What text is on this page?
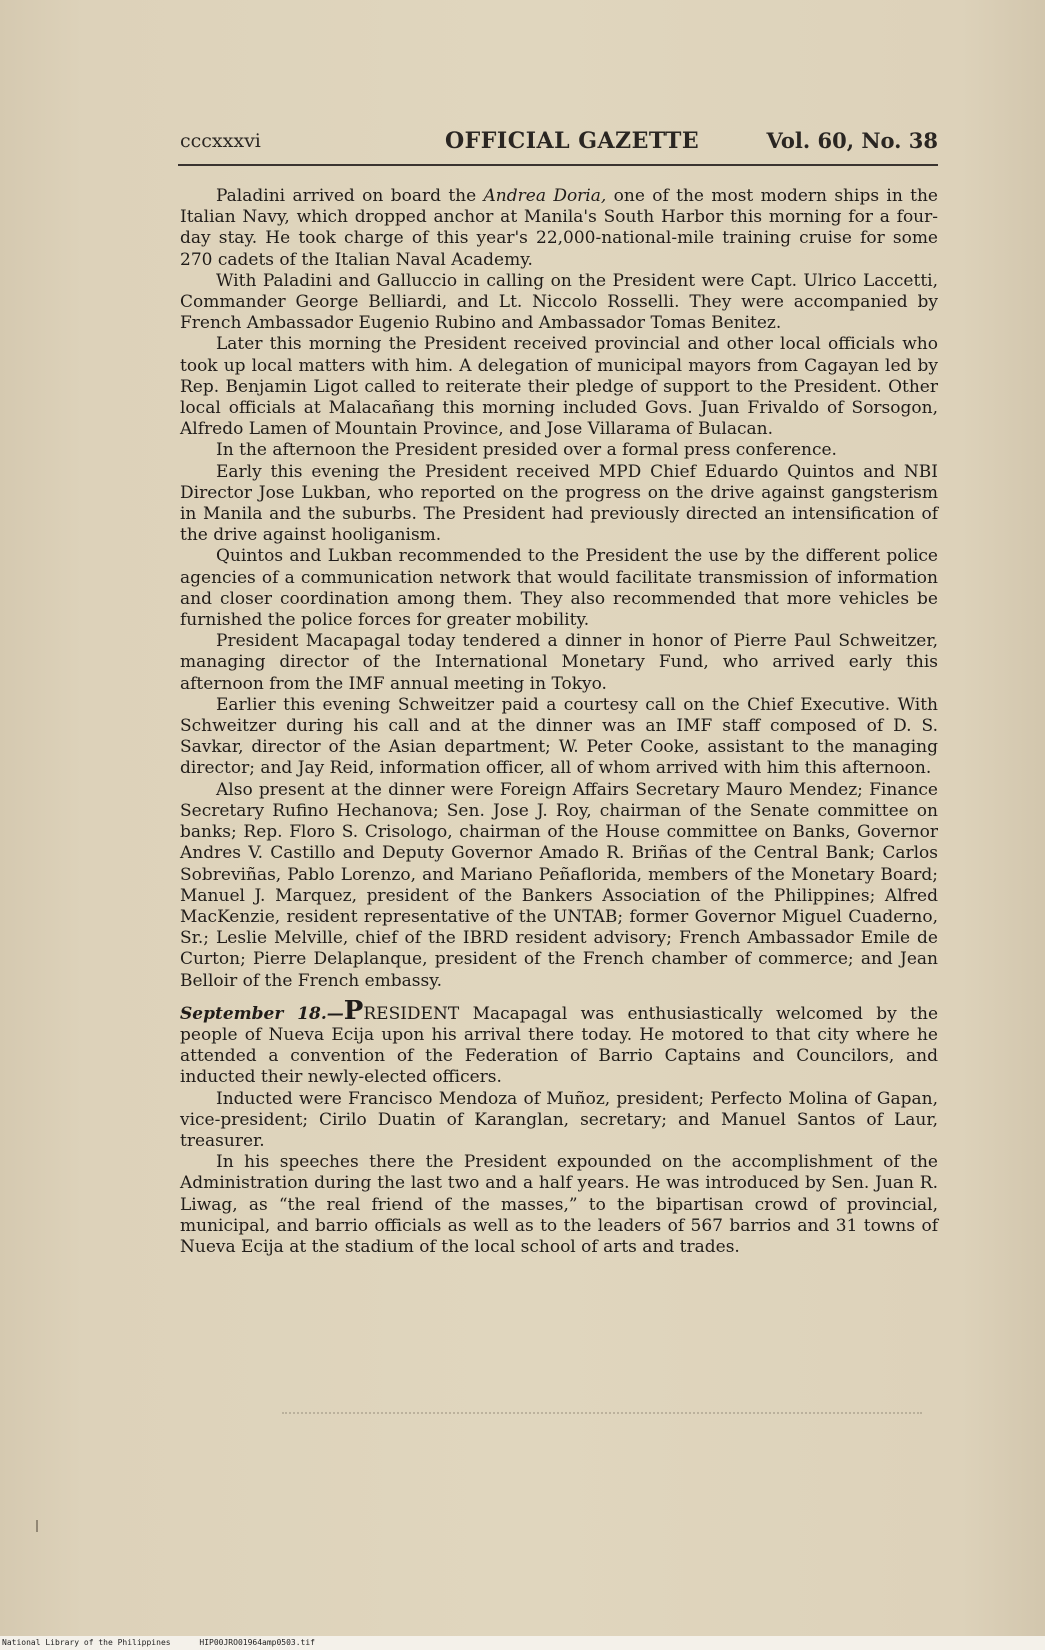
cccxxxvi	OFFICIAL GAZETTE	Vol. 60, No. 38

Paladini arrived on board the Andrea Doria, one of the most modern ships in the Italian Navy, which dropped anchor at Manila's South Harbor this morning for a four-day stay. He took charge of this year's 22,000-national-mile training cruise for some 270 cadets of the Italian Naval Academy.

With Paladini and Galluccio in calling on the President were Capt. Ulrico Laccetti, Commander George Belliardi, and Lt. Niccolo Rosselli. They were accompanied by French Ambassador Eugenio Rubino and Ambassador Tomas Benitez.

Later this morning the President received provincial and other local officials who took up local matters with him. A delegation of municipal mayors from Cagayan led by Rep. Benjamin Ligot called to reiterate their pledge of support to the President. Other local officials at Malacañang this morning included Govs. Juan Frivaldo of Sorsogon, Alfredo Lamen of Mountain Province, and Jose Villarama of Bulacan.

In the afternoon the President presided over a formal press conference.

Early this evening the President received MPD Chief Eduardo Quintos and NBI Director Jose Lukban, who reported on the progress on the drive against gangsterism in Manila and the suburbs. The President had previously directed an intensification of the drive against hooliganism.

Quintos and Lukban recommended to the President the use by the different police agencies of a communication network that would facilitate transmission of information and closer coordination among them. They also recommended that more vehicles be furnished the police forces for greater mobility.

President Macapagal today tendered a dinner in honor of Pierre Paul Schweitzer, managing director of the International Monetary Fund, who arrived early this afternoon from the IMF annual meeting in Tokyo.

Earlier this evening Schweitzer paid a courtesy call on the Chief Executive. With Schweitzer during his call and at the dinner was an IMF staff composed of D. S. Savkar, director of the Asian department; W. Peter Cooke, assistant to the managing director; and Jay Reid, information officer, all of whom arrived with him this afternoon.

Also present at the dinner were Foreign Affairs Secretary Mauro Mendez; Finance Secretary Rufino Hechanova; Sen. Jose J. Roy, chairman of the Senate committee on banks; Rep. Floro S. Crisologo, chairman of the House committee on Banks, Governor Andres V. Castillo and Deputy Governor Amado R. Briñas of the Central Bank; Carlos Sobreviñas, Pablo Lorenzo, and Mariano Peñaflorida, members of the Monetary Board; Manuel J. Marquez, president of the Bankers Association of the Philippines; Alfred MacKenzie, resident representative of the UNTAB; former Governor Miguel Cuaderno, Sr.; Leslie Melville, chief of the IBRD resident advisory; French Ambassador Emile de Curton; Pierre Delaplanque, president of the French chamber of commerce; and Jean Belloir of the French embassy.

September 18.—PRESIDENT Macapagal was enthusiastically welcomed by the people of Nueva Ecija upon his arrival there today. He motored to that city where he attended a convention of the Federation of Barrio Captains and Councilors, and inducted their newly-elected officers.

Inducted were Francisco Mendoza of Muñoz, president; Perfecto Molina of Gapan, vice-president; Cirilo Duatin of Karanglan, secretary; and Manuel Santos of Laur, treasurer.

In his speeches there the President expounded on the accomplishment of the Administration during the last two and a half years. He was introduced by Sen. Juan R. Liwag, as “the real friend of the masses,” to the bipartisan crowd of provincial, municipal, and barrio officials as well as to the leaders of 567 barrios and 31 towns of Nueva Ecija at the stadium of the local school of arts and trades.

National Library of the Philippines	HIP00JRO01964amp0503.tif
